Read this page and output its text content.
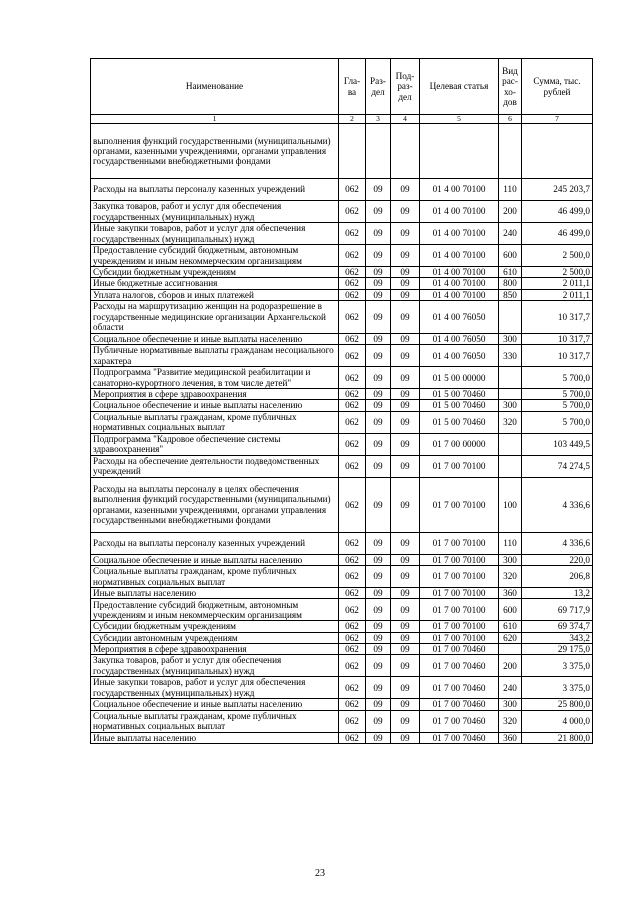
Наименование	Гла-ва	Раз-дел	Под-раз-дел	Целевая статья	Вид рас-хо-дов	Сумма, тыс. рублей
1	2	3	4	5	6	7
выполнения функций государственными (муниципальными) органами, казенными учреждениями, органами управления государственными внебюджетными фондами						
Расходы на выплаты персоналу казенных учреждений	062	09	09	01 4 00 70100	110	245 203,7
Закупка товаров, работ и услуг для обеспечения государственных (муниципальных) нужд	062	09	09	01 4 00 70100	200	46 499,0
Иные закупки товаров, работ и услуг для обеспечения государственных (муниципальных) нужд	062	09	09	01 4 00 70100	240	46 499,0
Предоставление субсидий бюджетным, автономным учреждениям и иным некоммерческим организациям	062	09	09	01 4 00 70100	600	2 500,0
Субсидии бюджетным учреждениям	062	09	09	01 4 00 70100	610	2 500,0
Иные бюджетные ассигнования	062	09	09	01 4 00 70100	800	2 011,1
Уплата налогов, сборов и иных платежей	062	09	09	01 4 00 70100	850	2 011,1
Расходы на маршрутизацию женщин на родоразрешение в государственные медицинские организации Архангельской области	062	09	09	01 4 00 76050		10 317,7
Социальное обеспечение и иные выплаты населению	062	09	09	01 4 00 76050	300	10 317,7
Публичные нормативные выплаты гражданам несоциального характера	062	09	09	01 4 00 76050	330	10 317,7
Подпрограмма "Развитие медицинской реабилитации и санаторно-курортного лечения, в том числе детей"	062	09	09	01 5 00 00000		5 700,0
Мероприятия в сфере здравоохранения	062	09	09	01 5 00 70460		5 700,0
Социальное обеспечение и иные выплаты населению	062	09	09	01 5 00 70460	300	5 700,0
Социальные выплаты гражданам, кроме публичных нормативных социальных выплат	062	09	09	01 5 00 70460	320	5 700,0
Подпрограмма "Кадровое обеспечение системы здравоохранения"	062	09	09	01 7 00 00000		103 449,5
Расходы на обеспечение деятельности подведомственных учреждений	062	09	09	01 7 00 70100		74 274,5
Расходы на выплаты персоналу в целях обеспечения выполнения функций государственными (муниципальными) органами, казенными учреждениями, органами управления государственными внебюджетными фондами	062	09	09	01 7 00 70100	100	4 336,6
Расходы на выплаты персоналу казенных учреждений	062	09	09	01 7 00 70100	110	4 336,6
Социальное обеспечение и иные выплаты населению	062	09	09	01 7 00 70100	300	220,0
Социальные выплаты гражданам, кроме публичных нормативных социальных выплат	062	09	09	01 7 00 70100	320	206,8
Иные выплаты населению	062	09	09	01 7 00 70100	360	13,2
Предоставление субсидий бюджетным, автономным учреждениям и иным некоммерческим организациям	062	09	09	01 7 00 70100	600	69 717,9
Субсидии бюджетным учреждениям	062	09	09	01 7 00 70100	610	69 374,7
Субсидии автономным учреждениям	062	09	09	01 7 00 70100	620	343,2
Мероприятия в сфере здравоохранения	062	09	09	01 7 00 70460		29 175,0
Закупка товаров, работ и услуг для обеспечения государственных (муниципальных) нужд	062	09	09	01 7 00 70460	200	3 375,0
Иные закупки товаров, работ и услуг для обеспечения государственных (муниципальных) нужд	062	09	09	01 7 00 70460	240	3 375,0
Социальное обеспечение и иные выплаты населению	062	09	09	01 7 00 70460	300	25 800,0
Социальные выплаты гражданам, кроме публичных нормативных социальных выплат	062	09	09	01 7 00 70460	320	4 000,0
Иные выплаты населению	062	09	09	01 7 00 70460	360	21 800,0
23
